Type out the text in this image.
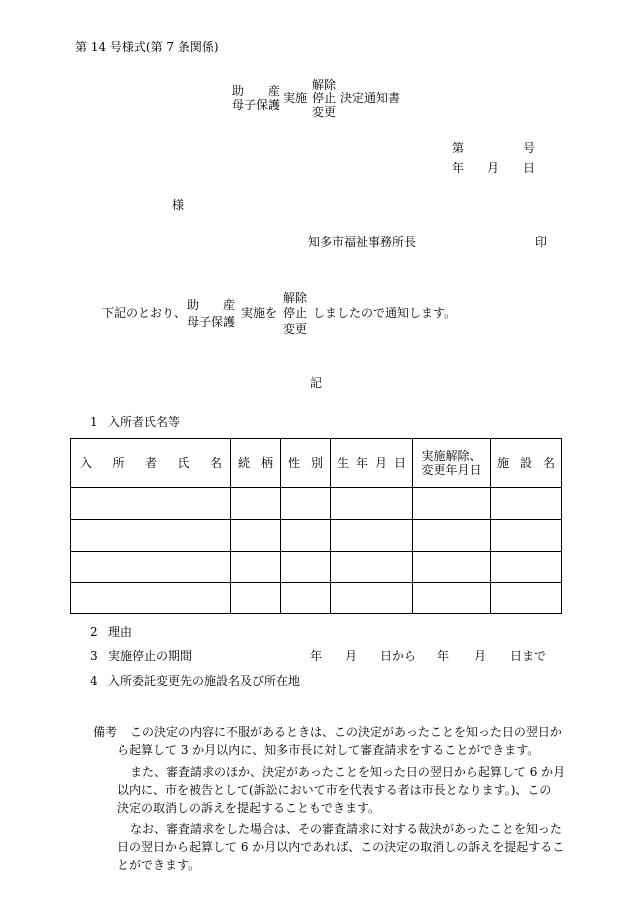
第 14 号様式(第 7 条関係)
助 産
母子保護 実施
解除
停止
変更
決定通知書
第	号
年 月 日
様
知多市福祉事務所長	印
下記のとおり、
助 産
母子保護
実施を
解除
停止
変更
しましたので通知します。
記
1 入所者氏名等
入 所 者 氏 名	続 柄	性 別	生 年 月 日	実施解除、
変更年月日	施 設 名

2 理由
3 実施停止の期間	年 月 日から 年 月 日まで
4 入所委託変更先の施設名及び所在地
備考 この決定の内容に不服があるときは、この決定があったことを知った日の翌日か
ら起算して 3 か月以内に、知多市長に対して審査請求をすることができます。
また、審査請求のほか、決定があったことを知った日の翌日から起算して 6 か月
以内に、市を被告として(訴訟において市を代表する者は市長となります。)、この
決定の取消しの訴えを提起することもできます。
なお、審査請求をした場合は、その審査請求に対する裁決があったことを知った
日の翌日から起算して 6 か月以内であれば、この決定の取消しの訴えを提起するこ
とができます。
